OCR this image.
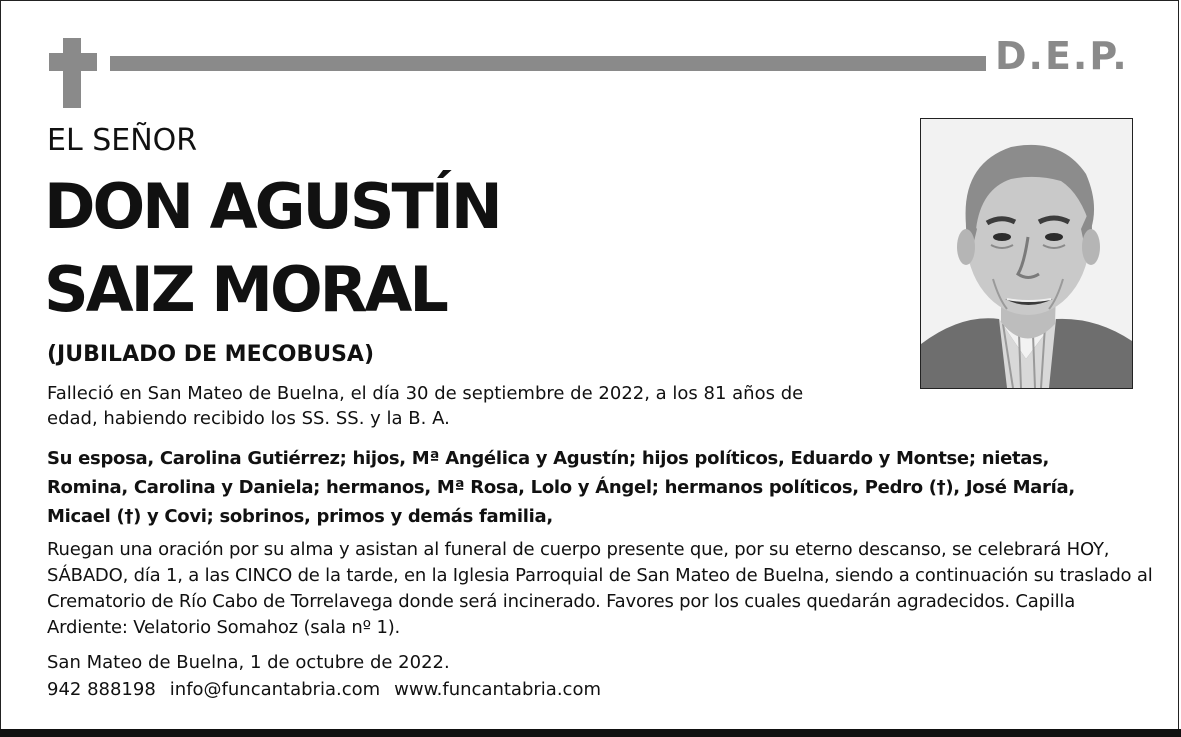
D.E.P.
EL SEÑOR
DON AGUSTÍN
SAIZ MORAL
(JUBILADO DE MECOBUSA)
Falleció en San Mateo de Buelna, el día 30 de septiembre de 2022, a los 81 años de edad, habiendo recibido los SS. SS. y la B. A.
Su esposa, Carolina Gutiérrez; hijos, Mª Angélica y Agustín; hijos políticos, Eduardo y Montse; nietas, Romina, Carolina y Daniela; hermanos, Mª Rosa, Lolo y Ángel; hermanos políticos, Pedro (†), José María, Micael (†) y Covi; sobrinos, primos y demás familia,
Ruegan una oración por su alma y asistan al funeral de cuerpo presente que, por su eterno descanso, se celebrará HOY, SÁBADO, día 1, a las CINCO de la tarde, en la Iglesia Parroquial de San Mateo de Buelna, siendo a continuación su traslado al Crematorio de Río Cabo de Torrelavega donde será incinerado. Favores por los cuales quedarán agradecidos. Capilla Ardiente: Velatorio Somahoz (sala nº 1).
San Mateo de Buelna, 1 de octubre de 2022.
942 888198 info@funcantabria.com www.funcantabria.com
